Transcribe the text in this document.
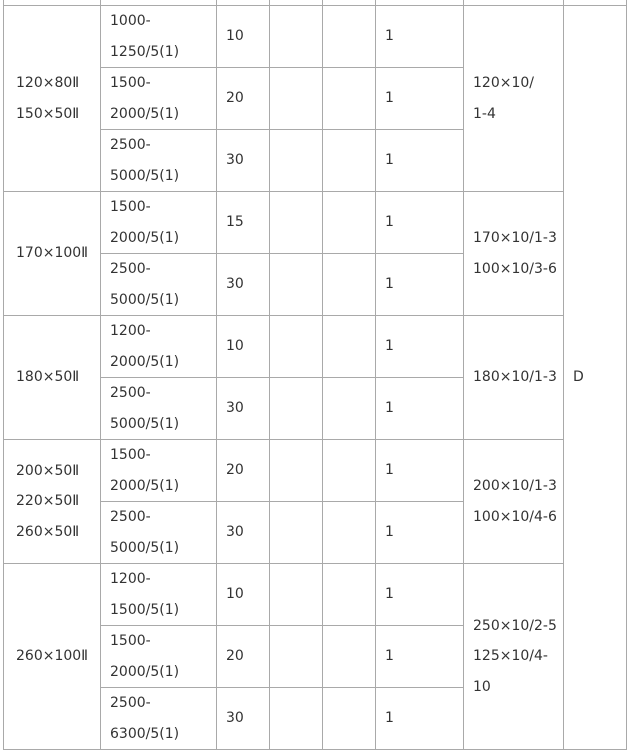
120×80Ⅱ
150×50Ⅱ	1000-
1250/5(1)	10			1	120×10/
1-4	D

	1500-
2000/5(1)	20			1		

	2500-
5000/5(1)	30			1		

170×100Ⅱ	1500-
2000/5(1)	15			1	170×10/1-3
100×10/3-6	

	2500-
5000/5(1)	30			1		

180×50Ⅱ	1200-
2000/5(1)	10			1	180×10/1-3	

	2500-
5000/5(1)	30			1		

200×50Ⅱ
220×50Ⅱ
260×50Ⅱ	1500-
2000/5(1)	20			1	200×10/1-3
100×10/4-6	

	2500-
5000/5(1)	30			1		

260×100Ⅱ	1200-
1500/5(1)	10			1	250×10/2-5
125×10/4-
10	

	1500-
2000/5(1)	20			1		

	2500-
6300/5(1)	30			1		
